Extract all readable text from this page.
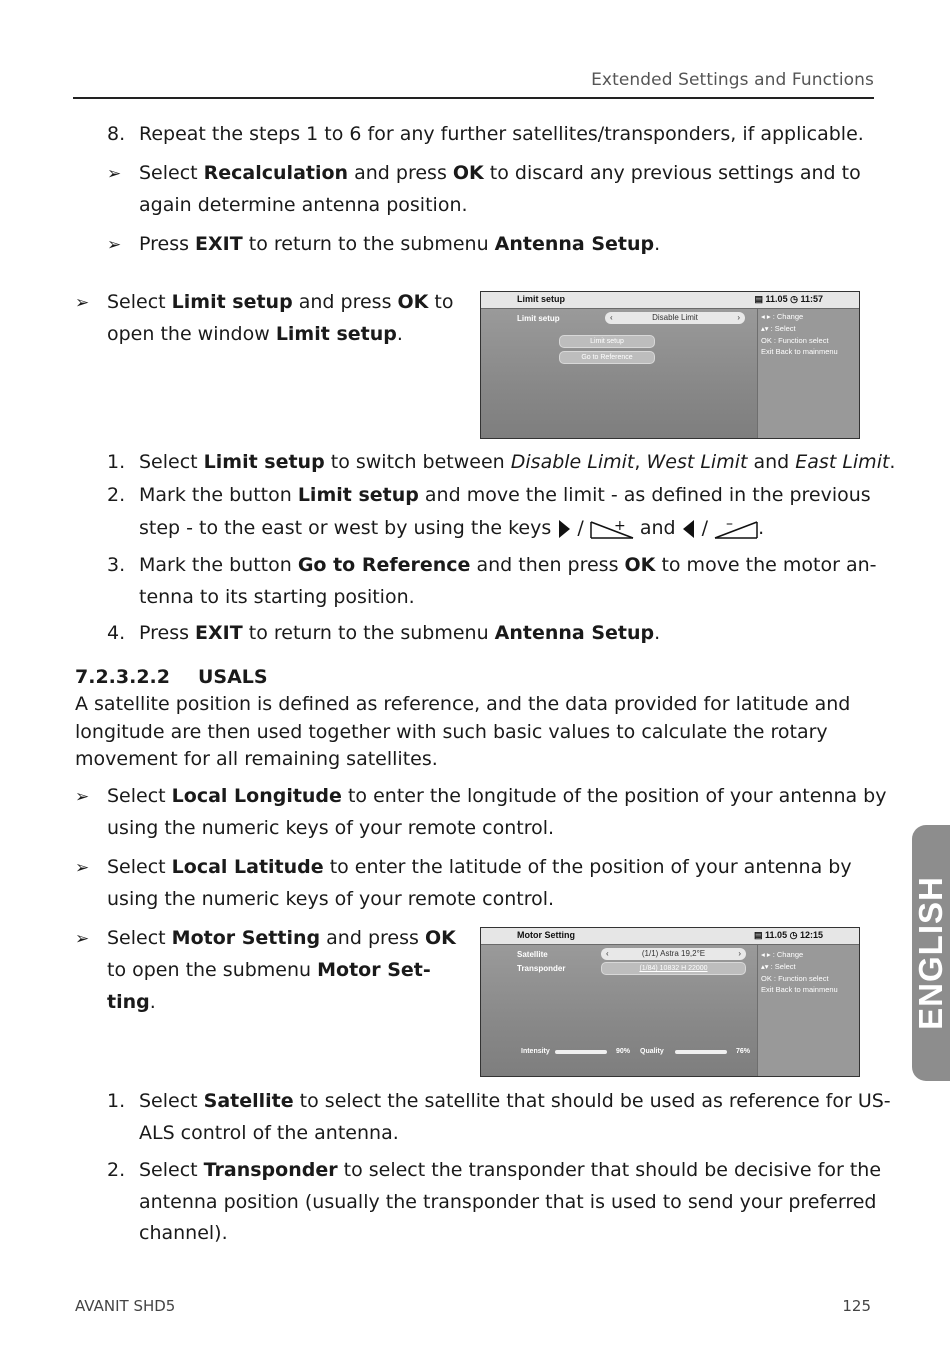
Extended Settings and Functions
8. Repeat the steps 1 to 6 for any further satellites/transponders, if applicable.
➢ Select Recalculation and press OK to discard any previous settings and to
again determine antenna position.
➢ Press EXIT to return to the submenu Antenna Setup.
➢ Select Limit setup and press OK to
open the window Limit setup.
Limit setup	▤ 11.05 ◷ 11:57
Limit setup	‹	Disable Limit	›
Limit setup
Go to Reference
◂ ▸ : Change
▴▾ : Select
OK : Function select
Exit Back to mainmenu
1. Select Limit setup to switch between Disable Limit, West Limit and East Limit.
2. Mark the button Limit setup and move the limit - as defined in the previous
step - to the east or west by using the keys  / + and  / – .
3. Mark the button Go to Reference and then press OK to move the motor an-
tenna to its starting position.
4. Press EXIT to return to the submenu Antenna Setup.
7.2.3.2.2 USALS
A satellite position is defined as reference, and the data provided for latitude and
longitude are then used together with such basic values to calculate the rotary
movement for all remaining satellites.
➢ Select Local Longitude to enter the longitude of the position of your antenna by
using the numeric keys of your remote control.
➢ Select Local Latitude to enter the latitude of the position of your antenna by
using the numeric keys of your remote control.
➢ Select Motor Setting and press OK
to open the submenu Motor Set-
ting.
Motor Setting	▤ 11.05 ◷ 12:15
Satellite	‹	(1/1) Astra 19,2°E	›
Transponder	(1/84) 10832 H 22000
Intensity	90% Quality	76%
◂ ▸ : Change
▴▾ : Select
OK : Function select
Exit Back to mainmenu
1. Select Satellite to select the satellite that should be used as reference for US-
ALS control of the antenna.
2. Select Transponder to select the transponder that should be decisive for the
antenna position (usually the transponder that is used to send your preferred
channel).
ENGLISH
AVANIT SHD5	125
